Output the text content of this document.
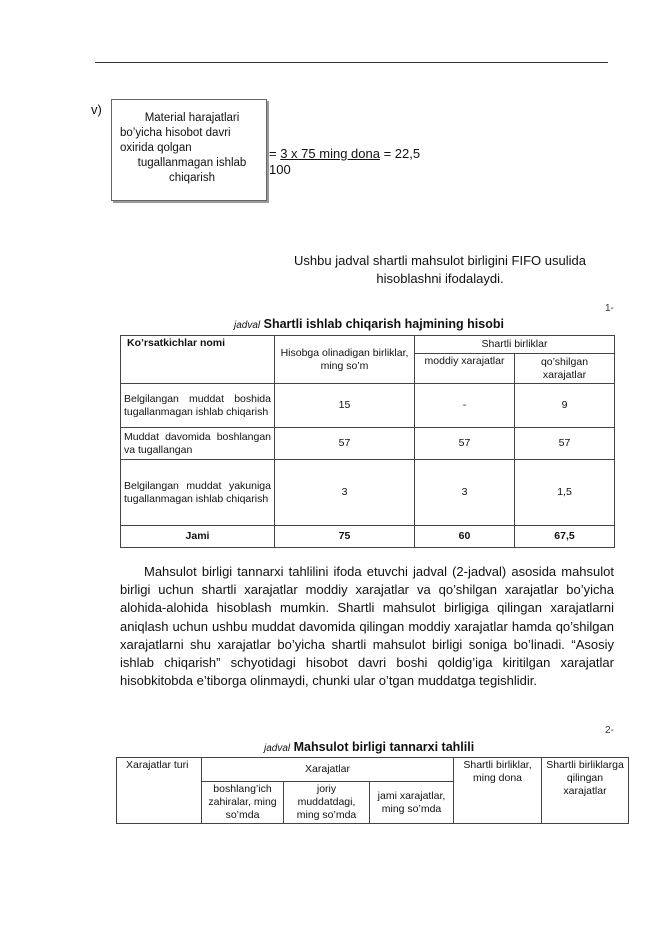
v)
Material harajatlari
bo’yicha hisobot davri
oxirida qolgan
tugallanmagan ishlab
chiqarish
= 3 x 75 ming dona = 22,5
100
Ushbu jadval shartli mahsulot birligini FIFO usulida hisoblashni ifodalaydi.
1-
jadval Shartli ishlab chiqarish hajmining hisobi
Ko’rsatkichlar nomi	Hisobga olinadigan birliklar, ming so’m	Shartli birliklar	
		moddiy xarajatlar	qo’shilgan xarajatlar
Belgilangan muddat boshida tugallanmagan ishlab chiqarish	15	-	9
Muddat davomida boshlangan va tugallangan	57	57	57
Belgilangan muddat yakuniga tugallanmagan ishlab chiqarish	3	3	1,5
Jami	75	60	67,5
Mahsulot birligi tannarxi tahlilini ifoda etuvchi jadval (2-jadval) asosida mahsulot birligi uchun shartli xarajatlar moddiy xarajatlar va qo’shilgan xarajatlar bo’yicha alohida-alohida hisoblash mumkin. Shartli mahsulot birligiga qilingan xarajatlarni aniqlash uchun ushbu muddat davomida qilingan moddiy xarajatlar hamda qo’shilgan xarajatlarni shu xarajatlar bo’yicha shartli mahsulot birligi soniga bo’linadi. “Asosiy ishlab chiqarish” schyotidagi hisobot davri boshi qoldig’iga kiritilgan xarajatlar hisobkitobda e’tiborga olinmaydi, chunki ular o’tgan muddatga tegishlidir.
2-
jadval Mahsulot birligi tannarxi tahlili
Xarajatlar turi	Xarajatlar			Shartli birliklar, ming dona	Shartli birliklarga qilingan xarajatlar
	boshlang’ich zahiralar, ming so’mda	joriy muddatdagi, ming so’mda	jami xarajatlar, ming so’mda		
